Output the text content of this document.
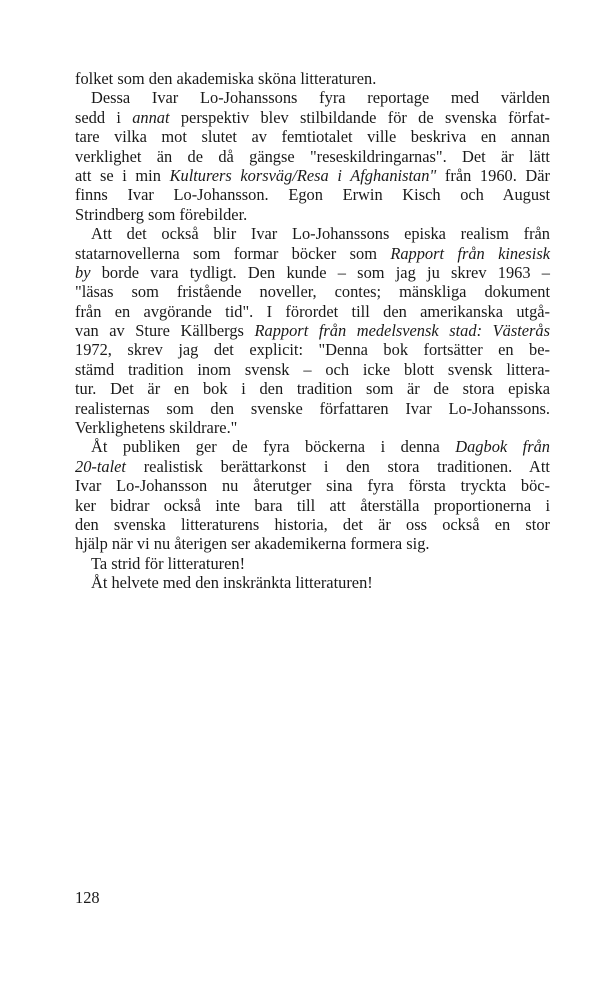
folket som den akademiska sköna litteraturen.
Dessa Ivar Lo-Johanssons fyra reportage med världen
sedd i annat perspektiv blev stilbildande för de svenska förfat-
tare vilka mot slutet av femtiotalet ville beskriva en annan
verklighet än de då gängse "reseskildringarnas". Det är lätt
att se i min Kulturers korsväg/Resa i Afghanistan" från 1960. Där
finns Ivar Lo-Johansson. Egon Erwin Kisch och August
Strindberg som förebilder.
Att det också blir Ivar Lo-Johanssons episka realism från
statarnovellerna som formar böcker som Rapport från kinesisk
by borde vara tydligt. Den kunde – som jag ju skrev 1963 –
"läsas som fristående noveller, contes; mänskliga dokument
från en avgörande tid". I förordet till den amerikanska utgå-
van av Sture Källbergs Rapport från medelsvensk stad: Västerås
1972, skrev jag det explicit: "Denna bok fortsätter en be-
stämd tradition inom svensk – och icke blott svensk littera-
tur. Det är en bok i den tradition som är de stora episka
realisternas som den svenske författaren Ivar Lo-Johanssons.
Verklighetens skildrare."
Åt publiken ger de fyra böckerna i denna Dagbok från
20-talet realistisk berättarkonst i den stora traditionen. Att
Ivar Lo-Johansson nu återutger sina fyra första tryckta böc-
ker bidrar också inte bara till att återställa proportionerna i
den svenska litteraturens historia, det är oss också en stor
hjälp när vi nu återigen ser akademikerna formera sig.
Ta strid för litteraturen!
Åt helvete med den inskränkta litteraturen!
128
